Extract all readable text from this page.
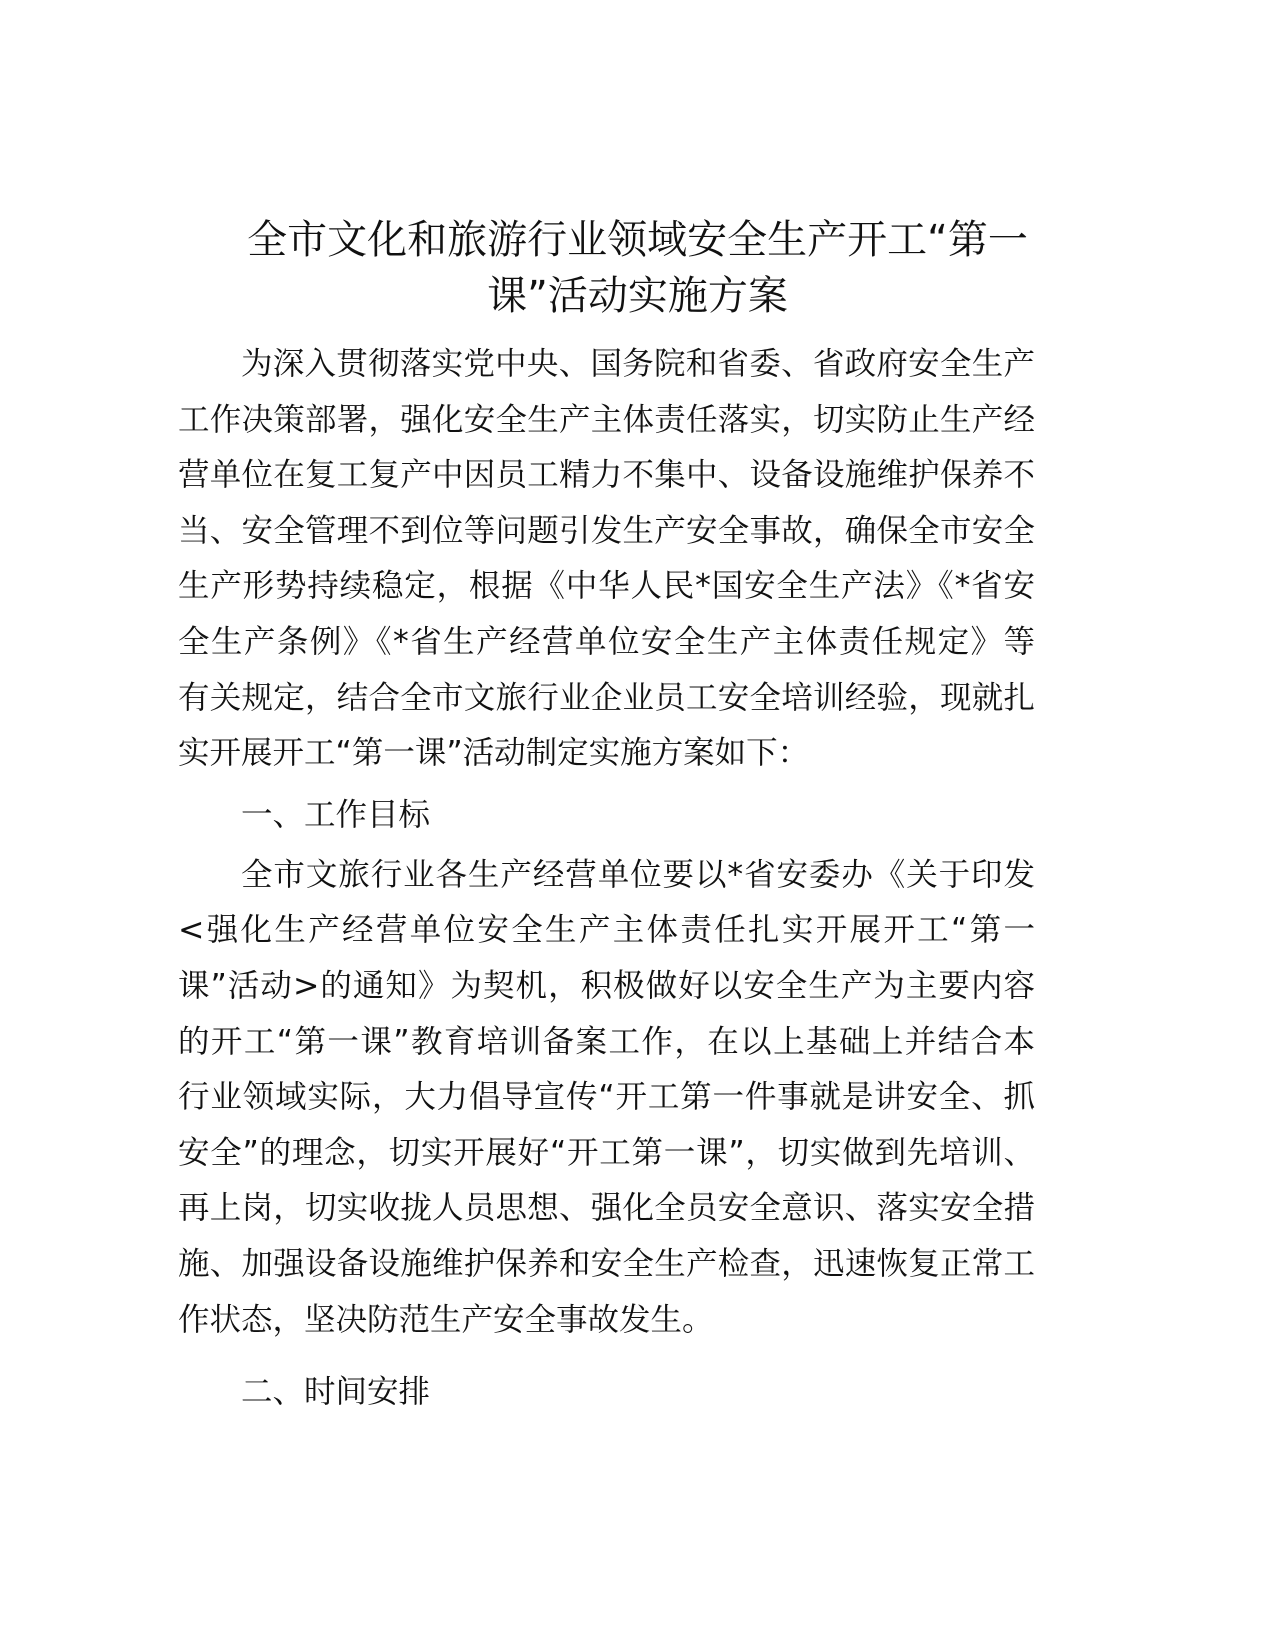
全市文化和旅游行业领域安全生产开工“第一
课”活动实施方案
为深入贯彻落实党中央、国务院和省委、省政府安全生产
工作决策部署，强化安全生产主体责任落实，切实防止生产经
营单位在复工复产中因员工精力不集中、设备设施维护保养不
当、安全管理不到位等问题引发生产安全事故，确保全市安全
生产形势持续稳定，根据《中华人民*国安全生产法》《*省安
全生产条例》《*省生产经营单位安全生产主体责任规定》等
有关规定，结合全市文旅行业企业员工安全培训经验，现就扎
实开展开工“第一课”活动制定实施方案如下：
一、工作目标
全市文旅行业各生产经营单位要以*省安委办《关于印发
<强化生产经营单位安全生产主体责任扎实开展开工“第一
课”活动>的通知》为契机，积极做好以安全生产为主要内容
的开工“第一课”教育培训备案工作，在以上基础上并结合本
行业领域实际，大力倡导宣传“开工第一件事就是讲安全、抓
安全”的理念，切实开展好“开工第一课”，切实做到先培训、
再上岗，切实收拢人员思想、强化全员安全意识、落实安全措
施、加强设备设施维护保养和安全生产检查，迅速恢复正常工
作状态，坚决防范生产安全事故发生。
二、时间安排
